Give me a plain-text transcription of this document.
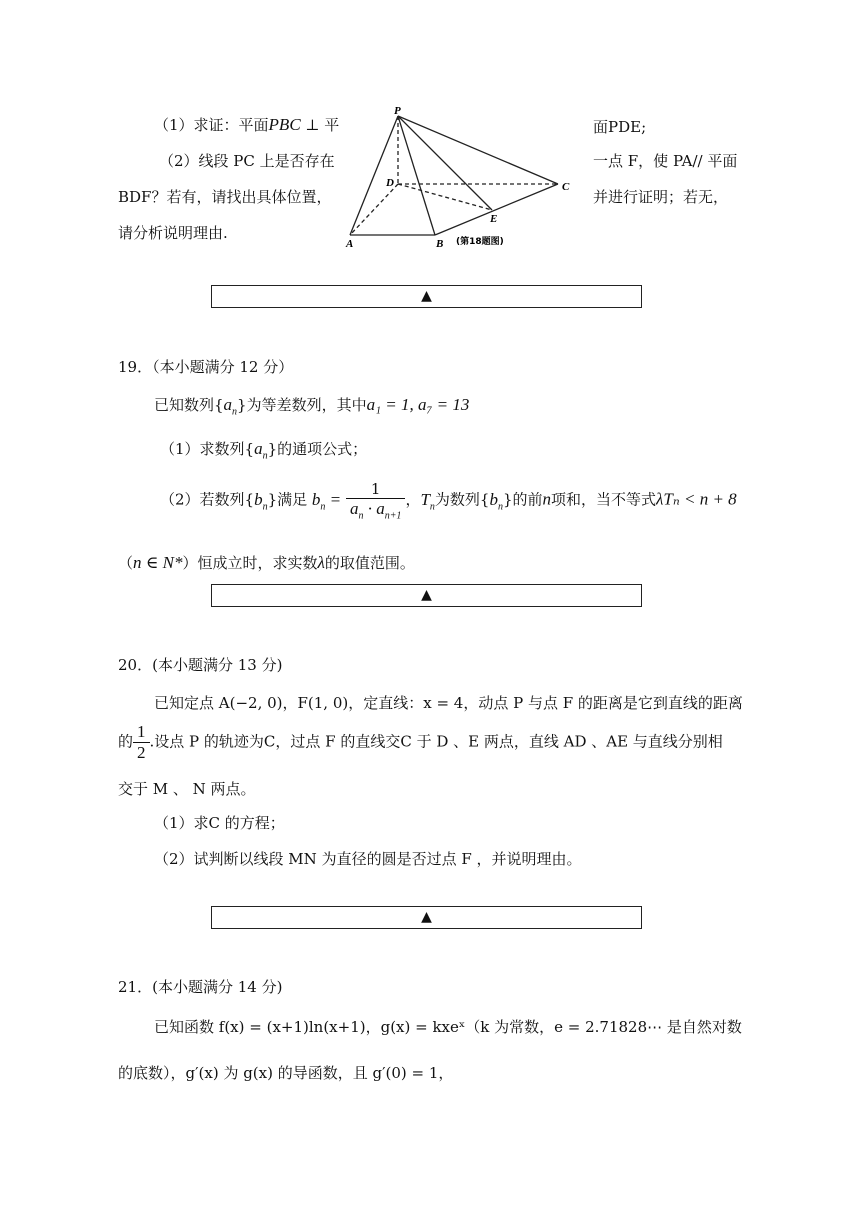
（1）求证：平面PBC ⊥ 平	面PDE;
（2）线段 PC 上是否存在	一点 F，使 PA// 平面
BDF？若有，请找出具体位置，	并进行证明；若无，
请分析说明理由.
P
D	C
E
A	B (第18题图)
▲
19．（本小题满分 12 分）
已知数列$\{a_n\}$为等差数列，其中a₁ = 1, a₇ = 13
（1）求数列$\{a_n\}$的通项公式；
（2）若数列$\{b_n\}$满足 $b_n = \frac{1}{a_n \cdot a_{n+1}}$ ，$T_n$为数列$\{b_n\}$的前n项和，当不等式λTₙ < n + 8
（n ∈ N*）恒成立时，求实数λ的取值范围。
▲
20．(本小题满分 13 分)
已知定点 A(−2, 0)，F(1, 0)，定直线：x = 4，动点 P 与点 F 的距离是它到直线的距离
的 $\frac{1}{2}$ .设点 P 的轨迹为C，过点 F 的直线交C 于 D 、E 两点，直线 AD 、AE 与直线分别相
交于 M 、 N 两点。
（1）求C 的方程；
（2）试判断以线段 MN 为直径的圆是否过点 F ，并说明理由。
▲
21．(本小题满分 14 分)
已知函数 f(x) = (x+1)ln(x+1)，g(x) = kxeˣ（k 为常数，e = 2.71828⋯ 是自然对数
的底数），g′(x) 为 g(x) 的导函数，且 g′(0) = 1，
